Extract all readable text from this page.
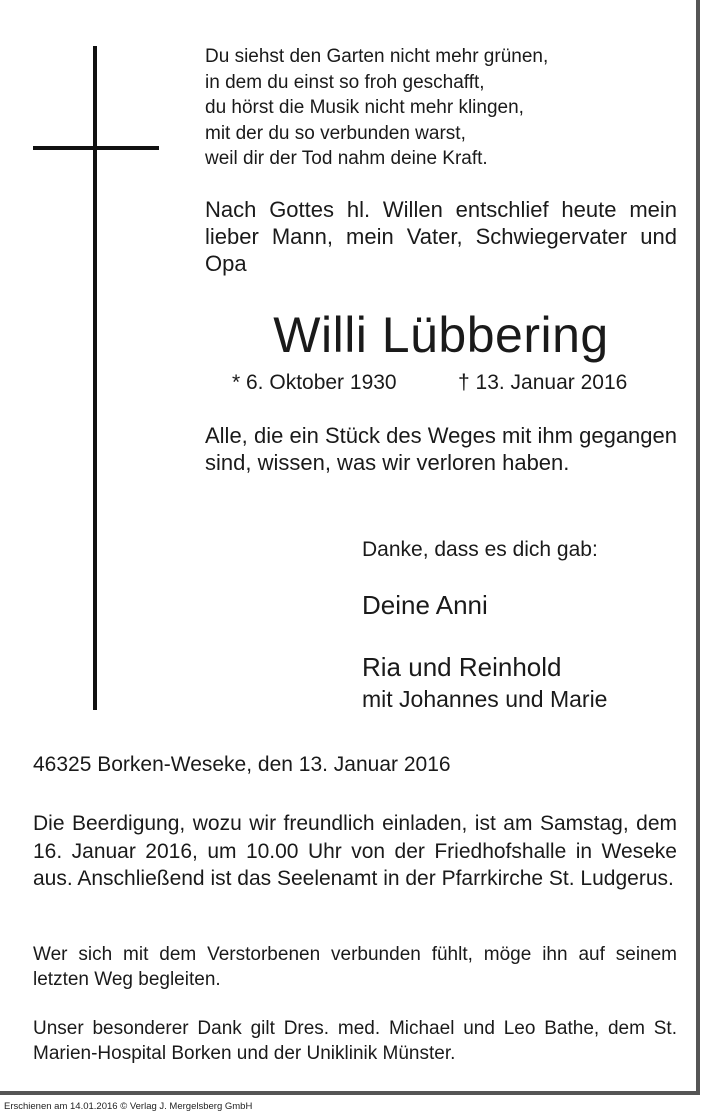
Du siehst den Garten nicht mehr grünen,
in dem du einst so froh geschafft,
du hörst die Musik nicht mehr klingen,
mit der du so verbunden warst,
weil dir der Tod nahm deine Kraft.
Nach Gottes hl. Willen entschlief heute mein lieber Mann, mein Vater, Schwiegervater und Opa
Willi Lübbering
* 6. Oktober 1930	† 13. Januar 2016
Alle, die ein Stück des Weges mit ihm gegangen sind, wissen, was wir verloren haben.
Danke, dass es dich gab:
Deine Anni
Ria und Reinhold
mit Johannes und Marie
46325 Borken-Weseke, den 13. Januar 2016
Die Beerdigung, wozu wir freundlich einladen, ist am Samstag, dem 16. Januar 2016, um 10.00 Uhr von der Friedhofshalle in Weseke aus. Anschließend ist das Seelenamt in der Pfarrkirche St. Ludgerus.
Wer sich mit dem Verstorbenen verbunden fühlt, möge ihn auf seinem letzten Weg begleiten.
Unser besonderer Dank gilt Dres. med. Michael und Leo Bathe, dem St. Marien-Hospital Borken und der Uniklinik Münster.
Erschienen am 14.01.2016 © Verlag J. Mergelsberg GmbH
